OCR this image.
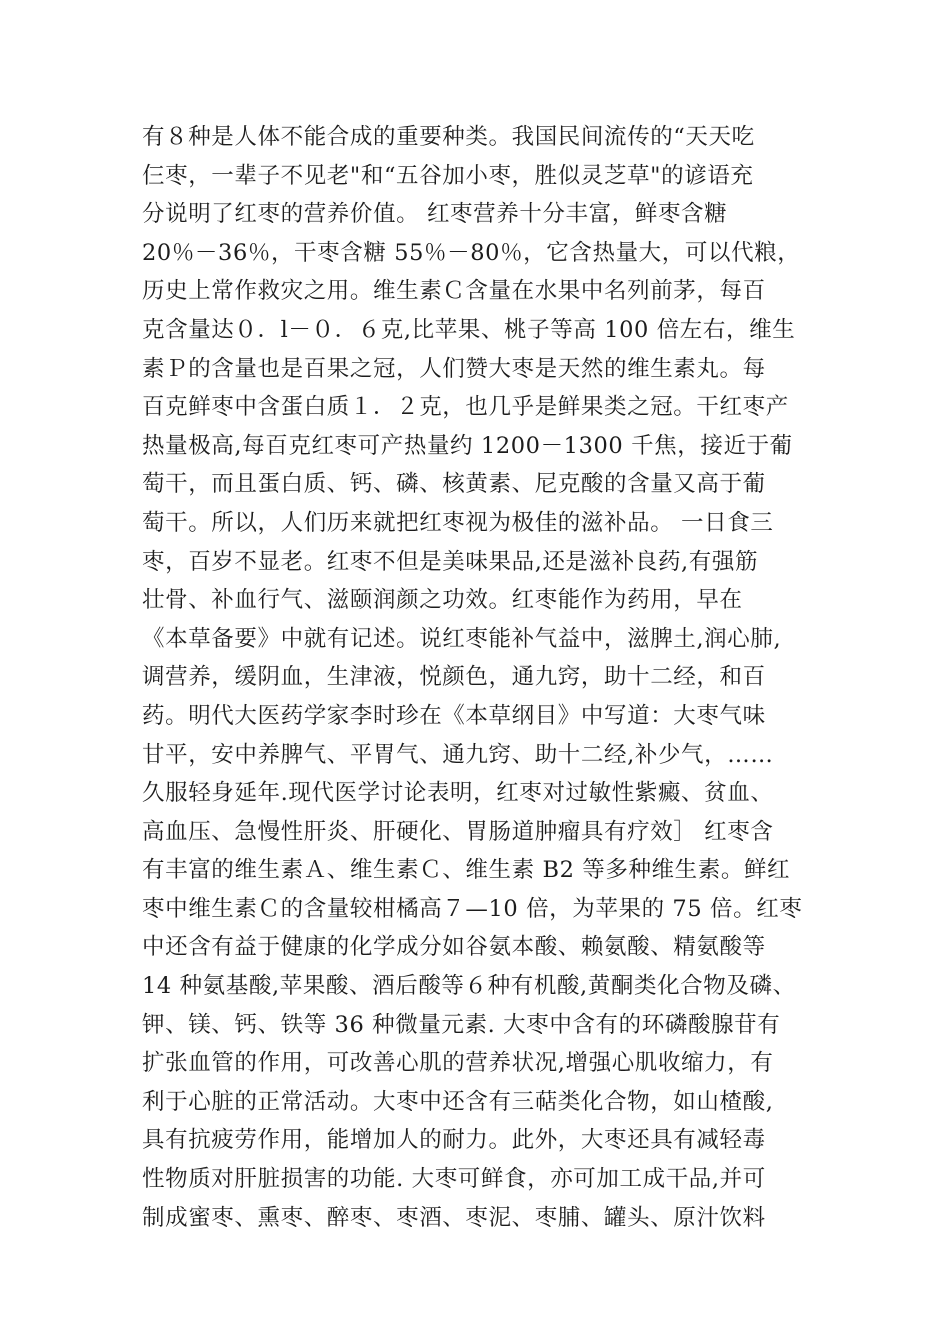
有８种是人体不能合成的重要种类。我国民间流传的“天天吃
仨枣，一辈子不见老"和“五谷加小枣，胜似灵芝草"的谚语充
分说明了红枣的营养价值。 红枣营养十分丰富，鲜枣含糖
20％－36％，干枣含糖 55％－80％，它含热量大，可以代粮，
历史上常作救灾之用。维生素Ｃ含量在水果中名列前茅，每百
克含量达０．l－０．６克,比苹果、桃子等高 100 倍左右，维生
素Ｐ的含量也是百果之冠，人们赞大枣是天然的维生素丸。每
百克鲜枣中含蛋白质１．２克，也几乎是鲜果类之冠。干红枣产
热量极高,每百克红枣可产热量约 1200－1300 千焦，接近于葡
萄干，而且蛋白质、钙、磷、核黄素、尼克酸的含量又高于葡
萄干。所以，人们历来就把红枣视为极佳的滋补品。 一日食三
枣，百岁不显老。红枣不但是美味果品,还是滋补良药,有强筋
壮骨、补血行气、滋颐润颜之功效。红枣能作为药用，早在
《本草备要》中就有记述。说红枣能补气益中，滋脾土,润心肺,
调营养，缓阴血，生津液，悦颜色，通九窍，助十二经，和百
药。明代大医药学家李时珍在《本草纲目》中写道：大枣气味
甘平，安中养脾气、平胃气、通九窍、助十二经,补少气，……
久服轻身延年.现代医学讨论表明，红枣对过敏性紫癜、贫血、
高血压、急慢性肝炎、肝硬化、胃肠道肿瘤具有疗效］ 红枣含
有丰富的维生素Ａ、维生素Ｃ、维生素 B2 等多种维生素。鲜红
枣中维生素Ｃ的含量较柑橘高７—10 倍，为苹果的 75 倍。红枣
中还含有益于健康的化学成分如谷氨本酸、赖氨酸、精氨酸等
14 种氨基酸,苹果酸、酒后酸等６种有机酸,黄酮类化合物及磷、
钾、镁、钙、铁等 36 种微量元素. 大枣中含有的环磷酸腺苷有
扩张血管的作用，可改善心肌的营养状况,增强心肌收缩力，有
利于心脏的正常活动。大枣中还含有三萜类化合物，如山楂酸,
具有抗疲劳作用，能增加人的耐力。此外，大枣还具有减轻毒
性物质对肝脏损害的功能. 大枣可鲜食，亦可加工成干品,并可
制成蜜枣、熏枣、醉枣、枣酒、枣泥、枣脯、罐头、原汁饮料
